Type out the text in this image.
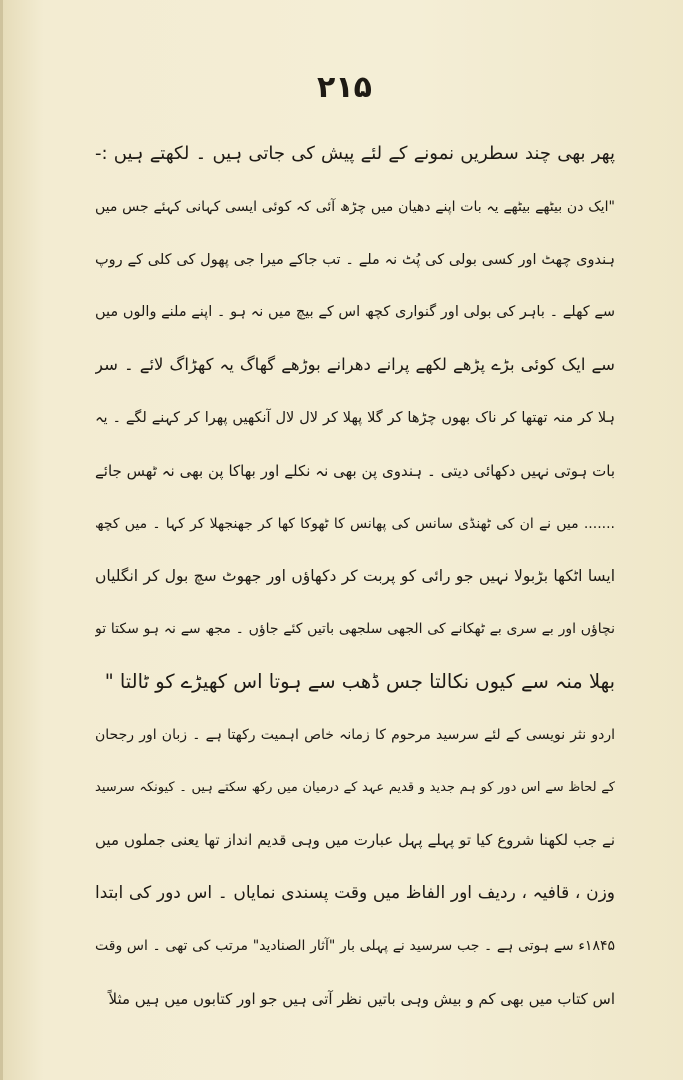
۲۱۵
پھر بھی چند سطریں نمونے کے لئے پیش کی جاتی ہیں ۔ لکھتے ہیں :-
"ایک دن بیٹھے بیٹھے یہ بات اپنے دھیان میں چڑھ آئی کہ کوئی ایسی کہانی کہئے جس میں
ہندوی چھٹ اور کسی بولی کی پُٹ نہ ملے ۔ تب جاکے میرا جی پھول کی کلی کے روپ
سے کھلے ۔ باہر کی بولی اور گنواری کچھ اس کے بیچ میں نہ ہو ۔ اپنے ملنے والوں میں
سے ایک کوئی بڑے پڑھے لکھے پرانے دھرانے بوڑھے گھاگ یہ کھڑاگ لائے ۔ سر
ہلا کر منہ تھتھا کر ناک بھوں چڑھا کر گلا پھلا کر لال لال آنکھیں پھرا کر کہنے لگے ۔ یہ
بات ہوتی نہیں دکھائی دیتی ۔ ہندوی پن بھی نہ نکلے اور بھاکا پن بھی نہ ٹھس جائے
....... میں نے ان کی ٹھنڈی سانس کی پھانس کا ٹھوکا کھا کر جھنجھلا کر کہا ۔ میں کچھ
ایسا اٹکھا بڑبولا نہیں جو رائی کو پربت کر دکھاؤں اور جھوٹ سچ بول کر انگلیاں
نچاؤں اور بے سری بے ٹھکانے کی الجھی سلجھی باتیں کئے جاؤں ۔ مجھ سے نہ ہو سکتا تو
بھلا منہ سے کیوں نکالتا جس ڈھب سے ہوتا اس کھیڑے کو ٹالتا "
اردو نثر نویسی کے لئے سرسید مرحوم کا زمانہ خاص اہمیت رکھتا ہے ۔ زبان اور رجحان
کے لحاظ سے اس دور کو ہم جدید و قدیم عہد کے درمیان میں رکھ سکتے ہیں ۔ کیونکہ سرسید
نے جب لکھنا شروع کیا تو پہلے پہل عبارت میں وہی قدیم انداز تھا یعنی جملوں میں
وزن ، قافیہ ، ردیف اور الفاظ میں وقت پسندی نمایاں ۔ اس دور کی ابتدا
۱۸۴۵ء سے ہوتی ہے ۔ جب سرسید نے پہلی بار "آثار الصنادید" مرتب کی تھی ۔ اس وقت
اس کتاب میں بھی کم و بیش وہی باتیں نظر آتی ہیں جو اور کتابوں میں ہیں مثلاً
